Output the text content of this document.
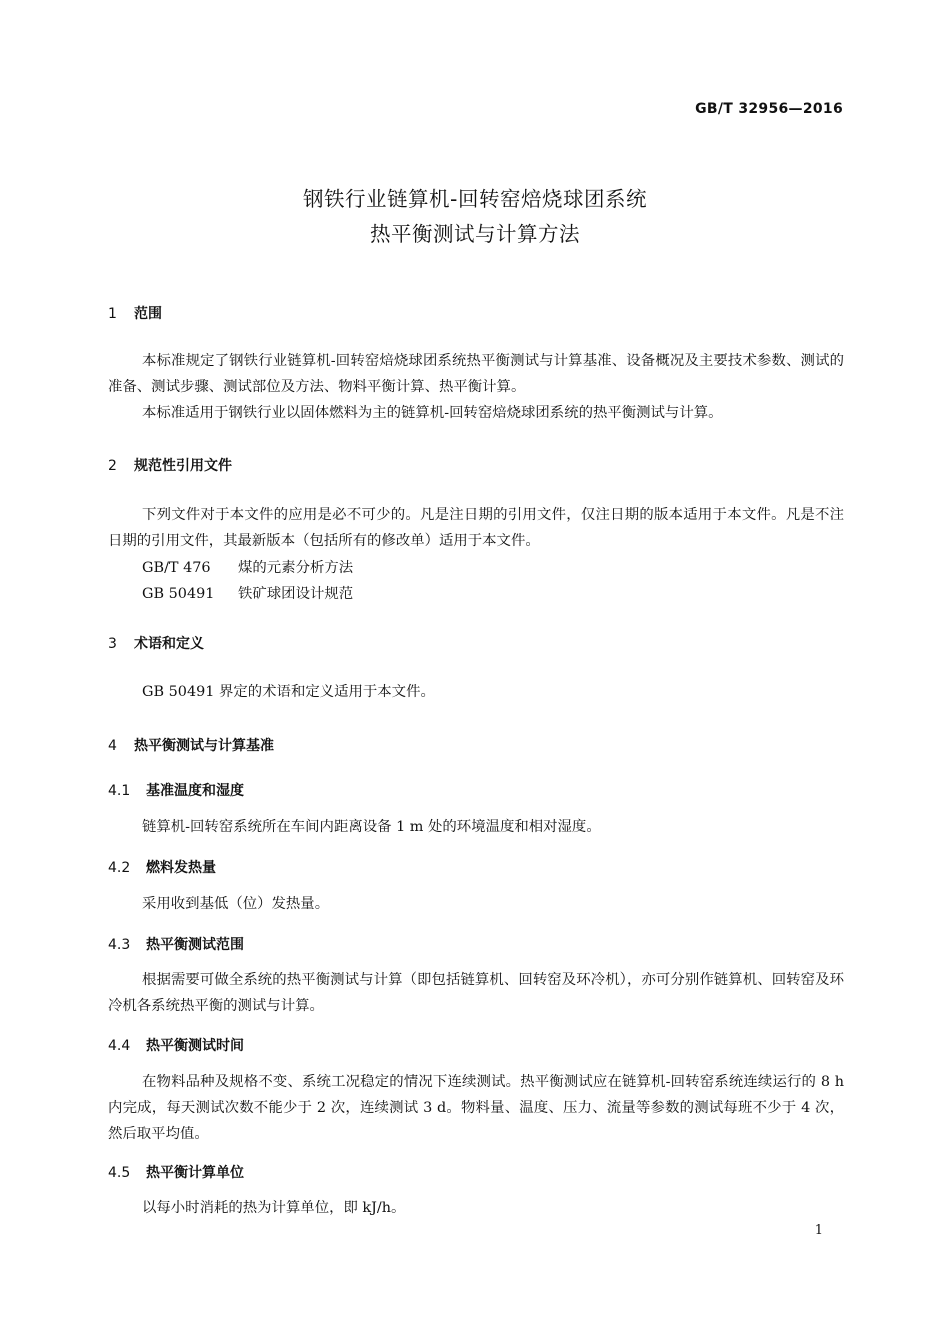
GB/T 32956—2016
钢铁行业链算机-回转窑焙烧球团系统
热平衡测试与计算方法
1 范围
本标准规定了钢铁行业链算机-回转窑焙烧球团系统热平衡测试与计算基准、设备概况及主要技术参数、测试的准备、测试步骤、测试部位及方法、物料平衡计算、热平衡计算。
本标准适用于钢铁行业以固体燃料为主的链算机-回转窑焙烧球团系统的热平衡测试与计算。
2 规范性引用文件
下列文件对于本文件的应用是必不可少的。凡是注日期的引用文件，仅注日期的版本适用于本文件。凡是不注日期的引用文件，其最新版本（包括所有的修改单）适用于本文件。
GB/T 476 煤的元素分析方法
GB 50491 铁矿球团设计规范
3 术语和定义
GB 50491 界定的术语和定义适用于本文件。
4 热平衡测试与计算基准
4.1 基准温度和湿度
链算机-回转窑系统所在车间内距离设备 1 m 处的环境温度和相对湿度。
4.2 燃料发热量
采用收到基低（位）发热量。
4.3 热平衡测试范围
根据需要可做全系统的热平衡测试与计算（即包括链算机、回转窑及环冷机），亦可分别作链算机、回转窑及环冷机各系统热平衡的测试与计算。
4.4 热平衡测试时间
在物料品种及规格不变、系统工况稳定的情况下连续测试。热平衡测试应在链算机-回转窑系统连续运行的 8 h 内完成，每天测试次数不能少于 2 次，连续测试 3 d。物料量、温度、压力、流量等参数的测试每班不少于 4 次，然后取平均值。
4.5 热平衡计算单位
以每小时消耗的热为计算单位，即 kJ/h。
1
